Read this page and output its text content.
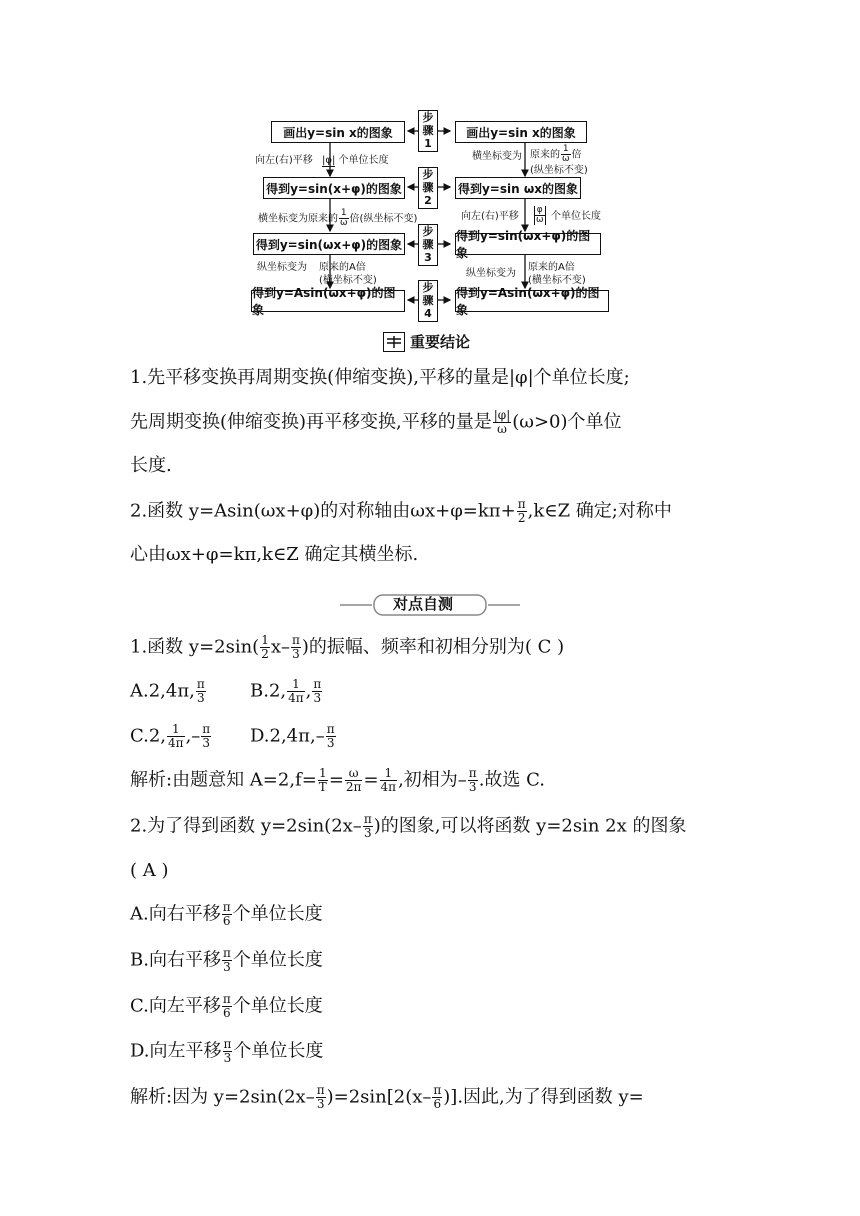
画出y=sin x的图象
得到y=sin(x+φ)的图象
得到y=sin(ωx+φ)的图象
得到y=Asin(ωx+φ)的图象
画出y=sin x的图象
得到y=sin ωx的图象
得到y=sin(ωx+φ)的图象
得到y=Asin(ωx+φ)的图象
步
骤
1
步
骤
2
步
骤
3
步
骤
4
向左(右)平移 |φ| 个单位长度
横坐标变为原来的 $\frac{1}{\omega}$ 倍(纵坐标不变)
纵坐标变为 原来的A倍
(横坐标不变)
横坐标变为 原来的 $\frac{1}{\omega}$ 倍
(纵坐标不变)
向左(右)平移 $\frac{\varphi}{\omega}$ 个单位长度
纵坐标变为
原来的A倍
(横坐标不变)
重要结论
1.先平移变换再周期变换(伸缩变换),平移的量是|φ|个单位长度;
先周期变换(伸缩变换)再平移变换,平移的量是 $\frac{|\varphi|}{\omega} (\omega>0)$个单位
长度.
2.函数 y=Asin(ωx+φ)的对称轴由$\omega x+\varphi=k\pi+ \frac{\pi}{2}$ ,k∈Z 确定;对称中
心由ωx+φ=kπ,k∈Z 确定其横坐标.
对点自测
1.函数 $y=2\sin( \frac{1}{2} x- \frac{\pi}{3}$ )的振幅、频率和初相分别为( C )
A.2,4π, $\frac{\pi}{3} B.2$, $\frac{1}{4\pi}$ , $\frac{\pi}{3}$
C.2, $\frac{1}{4\pi}$ ,– $\frac{\pi}{3} D.2,4\pi,- \frac{\pi}{3}$
解析:由题意知 $A=2,f= \frac{1}{T} = \frac{\omega}{2\pi} = \frac{1}{4\pi}$ ,初相为– $\frac{\pi}{3}$ .故选 C.
2.为了得到函数 $y=2\sin(2x- \frac{\pi}{3}$ )的图象,可以将函数 y=2sin 2x 的图象
( A )
A.向右平移 $\frac{\pi}{6}$ 个单位长度
B.向右平移 $\frac{\pi}{3}$ 个单位长度
C.向左平移 $\frac{\pi}{6}$ 个单位长度
D.向左平移 $\frac{\pi}{3}$ 个单位长度
解析:因为 $y=2\sin(2x- \frac{\pi}{3} )=2\sin[2(x- \frac{\pi}{6}$ )].因此,为了得到函数 y=
